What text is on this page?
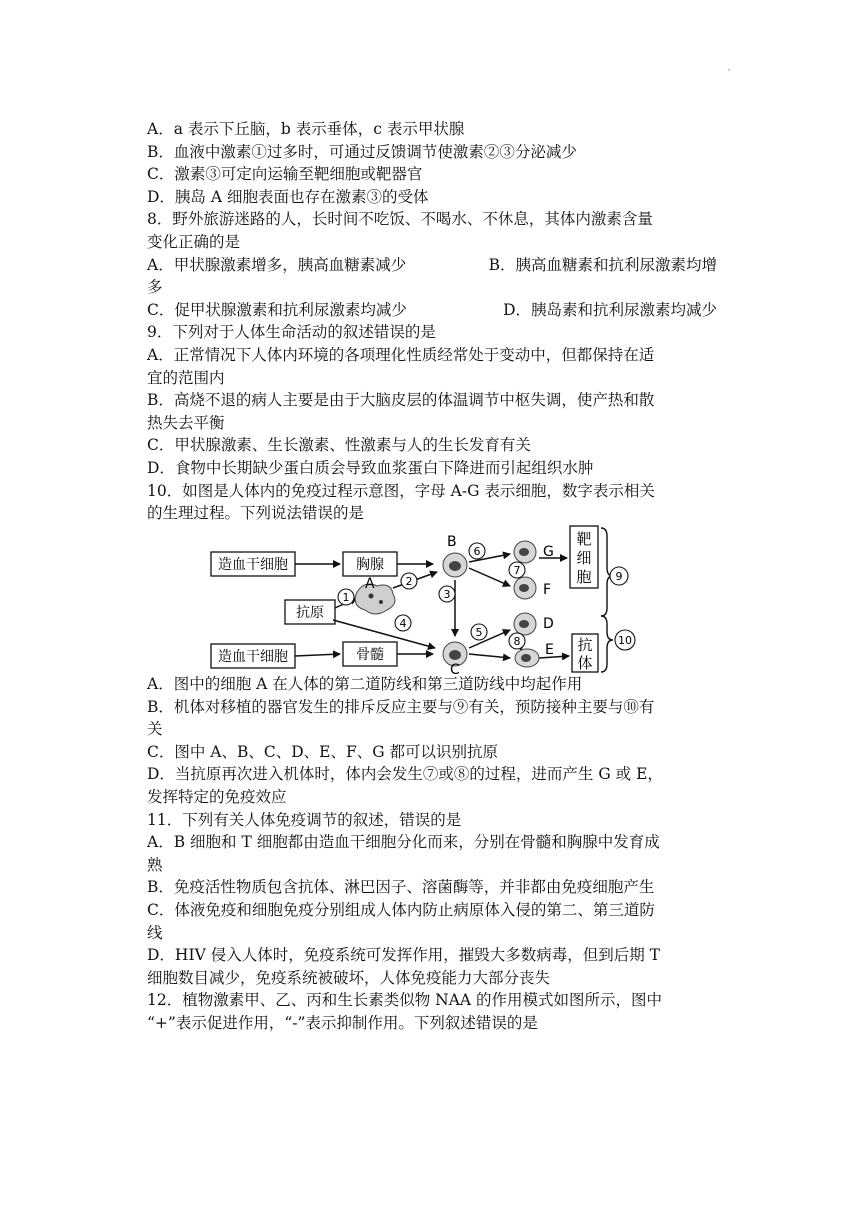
·
A．a 表示下丘脑，b 表示垂体，c 表示甲状腺
B．血液中激素①过多时，可通过反馈调节使激素②③分泌减少
C．激素③可定向运输至靶细胞或靶器官
D．胰岛 A 细胞表面也存在激素③的受体
8．野外旅游迷路的人，长时间不吃饭、不喝水、不休息，其体内激素含量
变化正确的是
A．甲状腺激素增多，胰高血糖素减少	B．胰高血糖素和抗利尿激素均增
多
C．促甲状腺激素和抗利尿激素均减少	D．胰岛素和抗利尿激素均减少
9．下列对于人体生命活动的叙述错误的是
A．正常情况下人体内环境的各项理化性质经常处于变动中，但都保持在适
宜的范围内
B．高烧不退的病人主要是由于大脑皮层的体温调节中枢失调，使产热和散
热失去平衡
C．甲状腺激素、生长激素、性激素与人的生长发育有关
D．食物中长期缺少蛋白质会导致血浆蛋白下降进而引起组织水肿
10．如图是人体内的免疫过程示意图，字母 A-G 表示细胞，数字表示相关
的生理过程。下列说法错误的是
造血干细胞	胸腺
抗原
造血干细胞	骨髓
靶
细
胞
抗
体
9
10
1
2
3
4
5
6
7
8
A
B
C
D
E
F
G
A．图中的细胞 A 在人体的第二道防线和第三道防线中均起作用
B．机体对移植的器官发生的排斥反应主要与⑨有关，预防接种主要与⑩有
关
C．图中 A、B、C、D、E、F、G 都可以识别抗原
D．当抗原再次进入机体时，体内会发生⑦或⑧的过程，进而产生 G 或 E，
发挥特定的免疫效应
11．下列有关人体免疫调节的叙述，错误的是
A．B 细胞和 T 细胞都由造血干细胞分化而来，分别在骨髓和胸腺中发育成
熟
B．免疫活性物质包含抗体、淋巴因子、溶菌酶等，并非都由免疫细胞产生
C．体液免疫和细胞免疫分别组成人体内防止病原体入侵的第二、第三道防
线
D．HIV 侵入人体时，免疫系统可发挥作用，摧毁大多数病毒，但到后期 T
细胞数目减少，免疫系统被破坏，人体免疫能力大部分丧失
12．植物激素甲、乙、丙和生长素类似物 NAA 的作用模式如图所示，图中
“+”表示促进作用，“-”表示抑制作用。下列叙述错误的是
